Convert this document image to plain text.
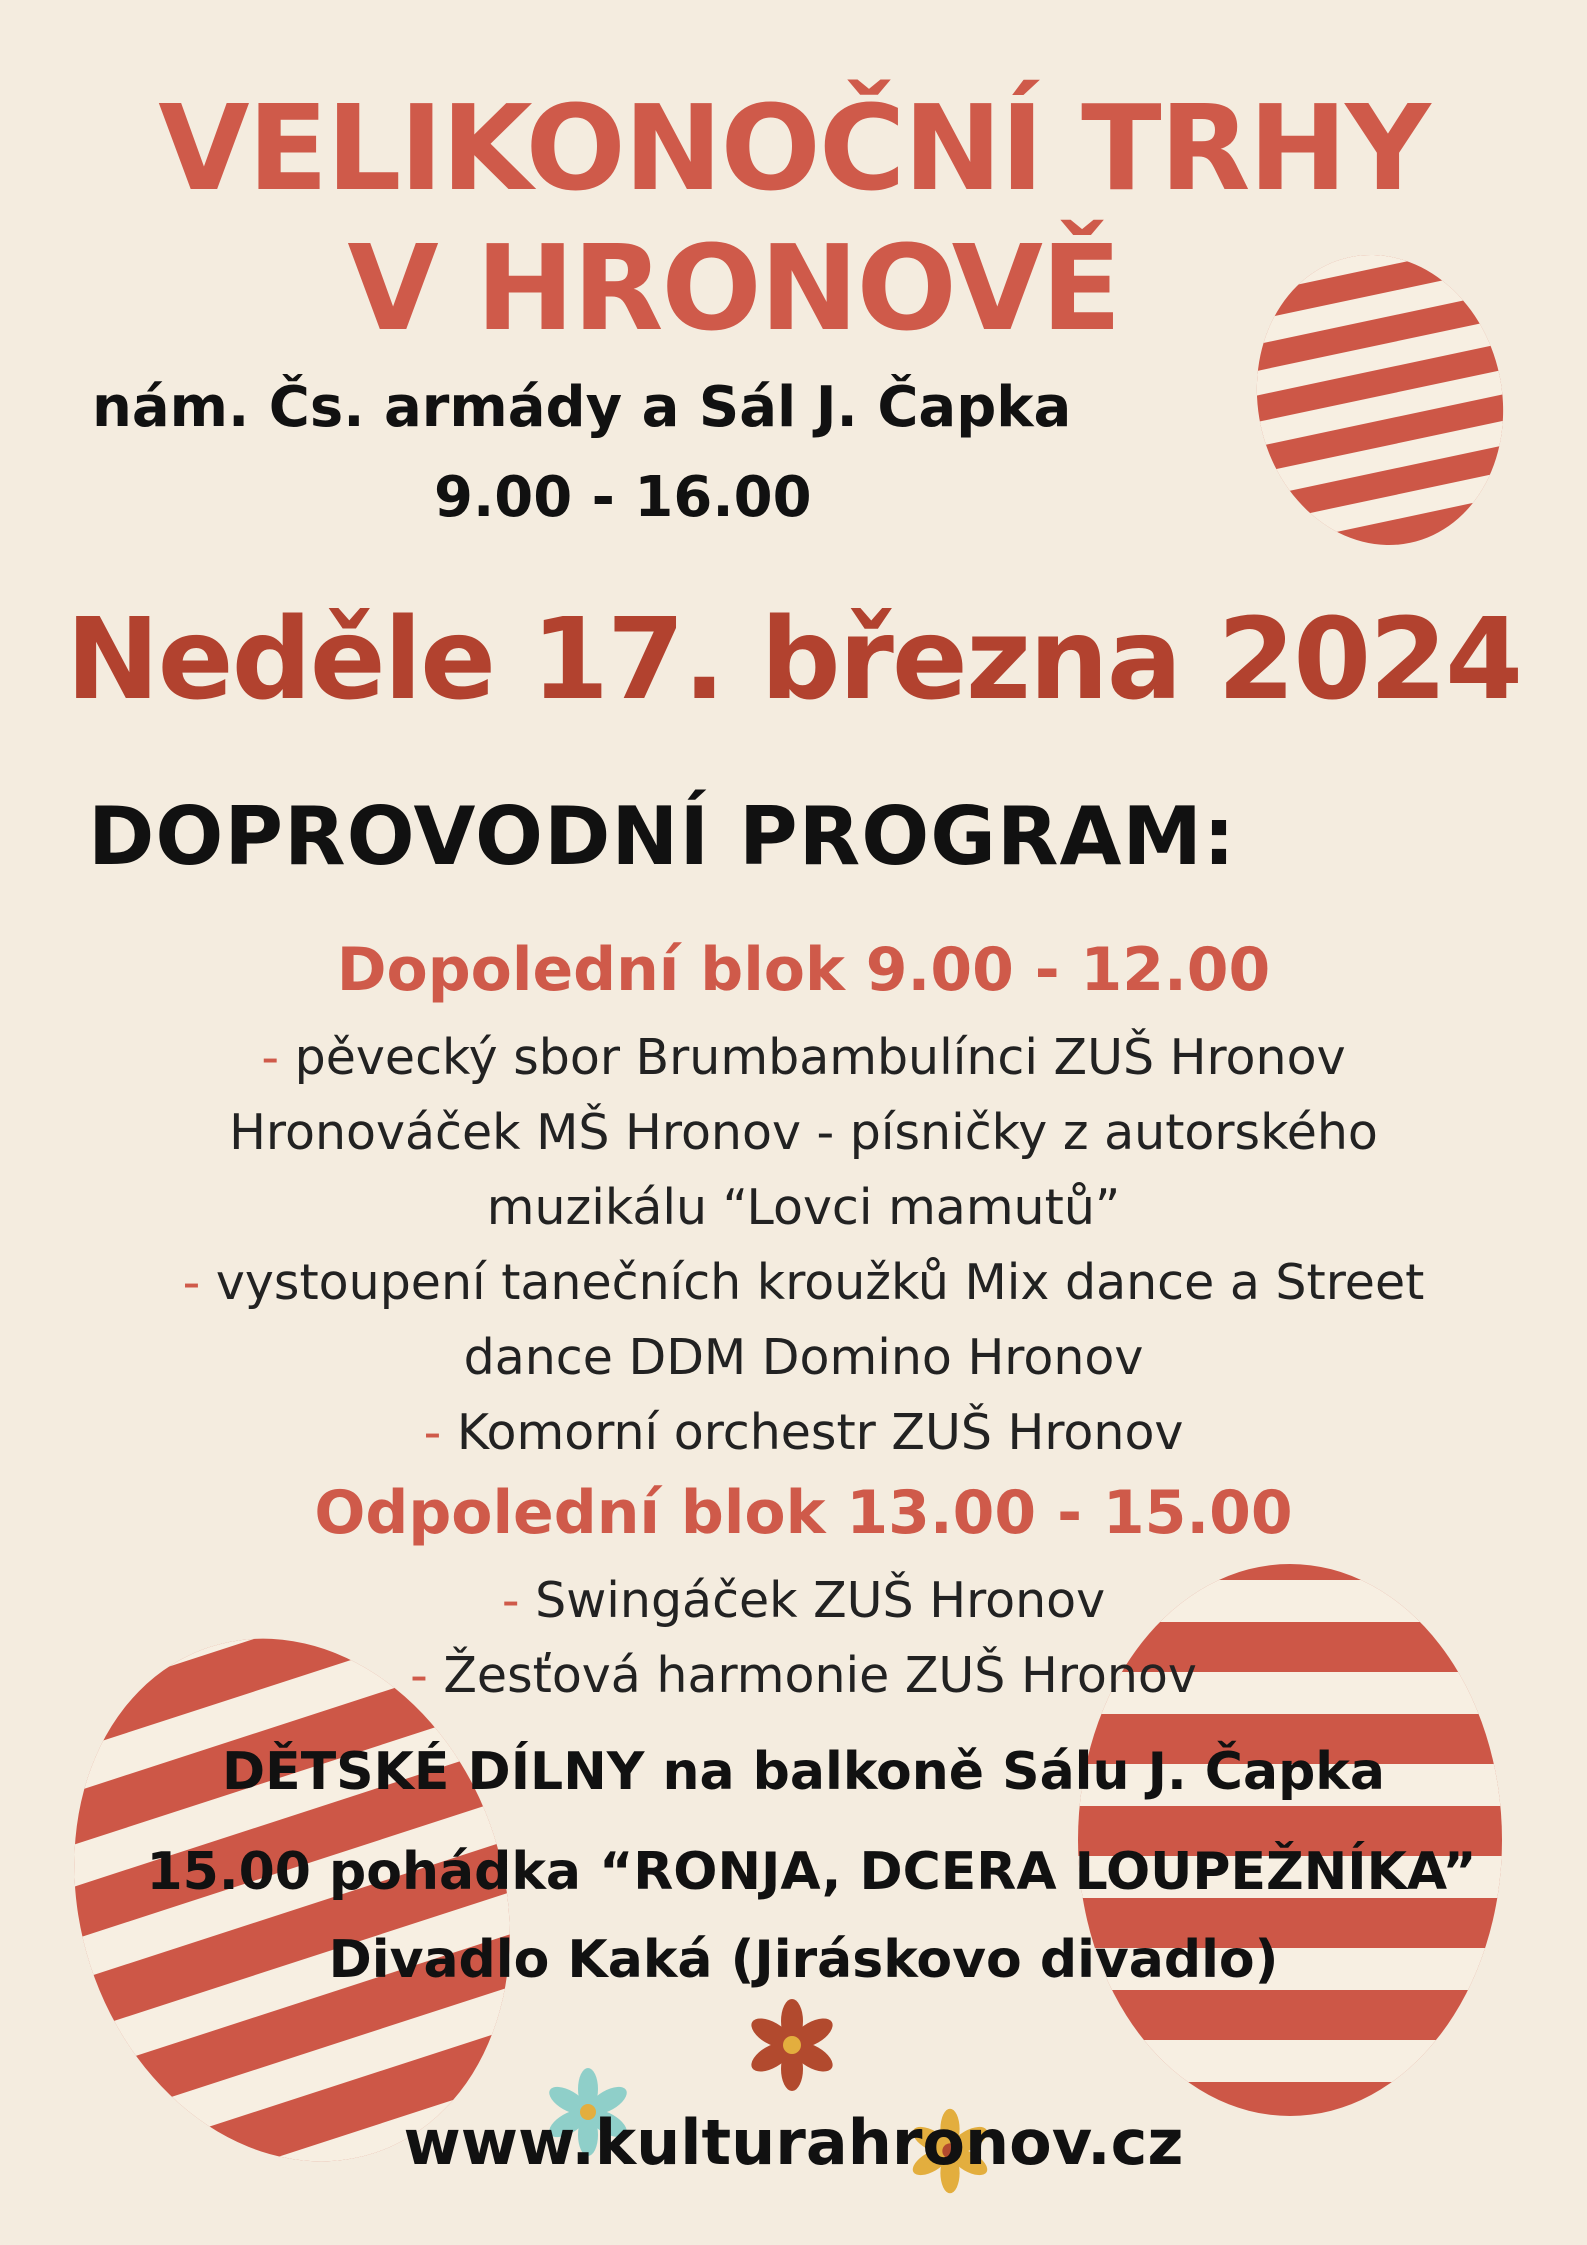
VELIKONOČNÍ TRHY
V HRONOVĚ
nám. Čs. armády a Sál J. Čapka
9.00 - 16.00
Neděle 17. března 2024
DOPROVODNÍ PROGRAM:
Dopolední blok 9.00 - 12.00
- pěvecký sbor Brumbambulínci ZUŠ Hronov
Hronováček MŠ Hronov - písničky z autorského
muzikálu “Lovci mamutů”
- vystoupení tanečních kroužků Mix dance a Street
dance DDM Domino Hronov
- Komorní orchestr ZUŠ Hronov
Odpolední blok 13.00 - 15.00
- Swingáček ZUŠ Hronov
- Žesťová harmonie ZUŠ Hronov
DĚTSKÉ DÍLNY na balkoně Sálu J. Čapka
15.00 pohádka “RONJA, DCERA LOUPEŽNÍKA”
Divadlo Kaká (Jiráskovo divadlo)
www.kulturahronov.cz
